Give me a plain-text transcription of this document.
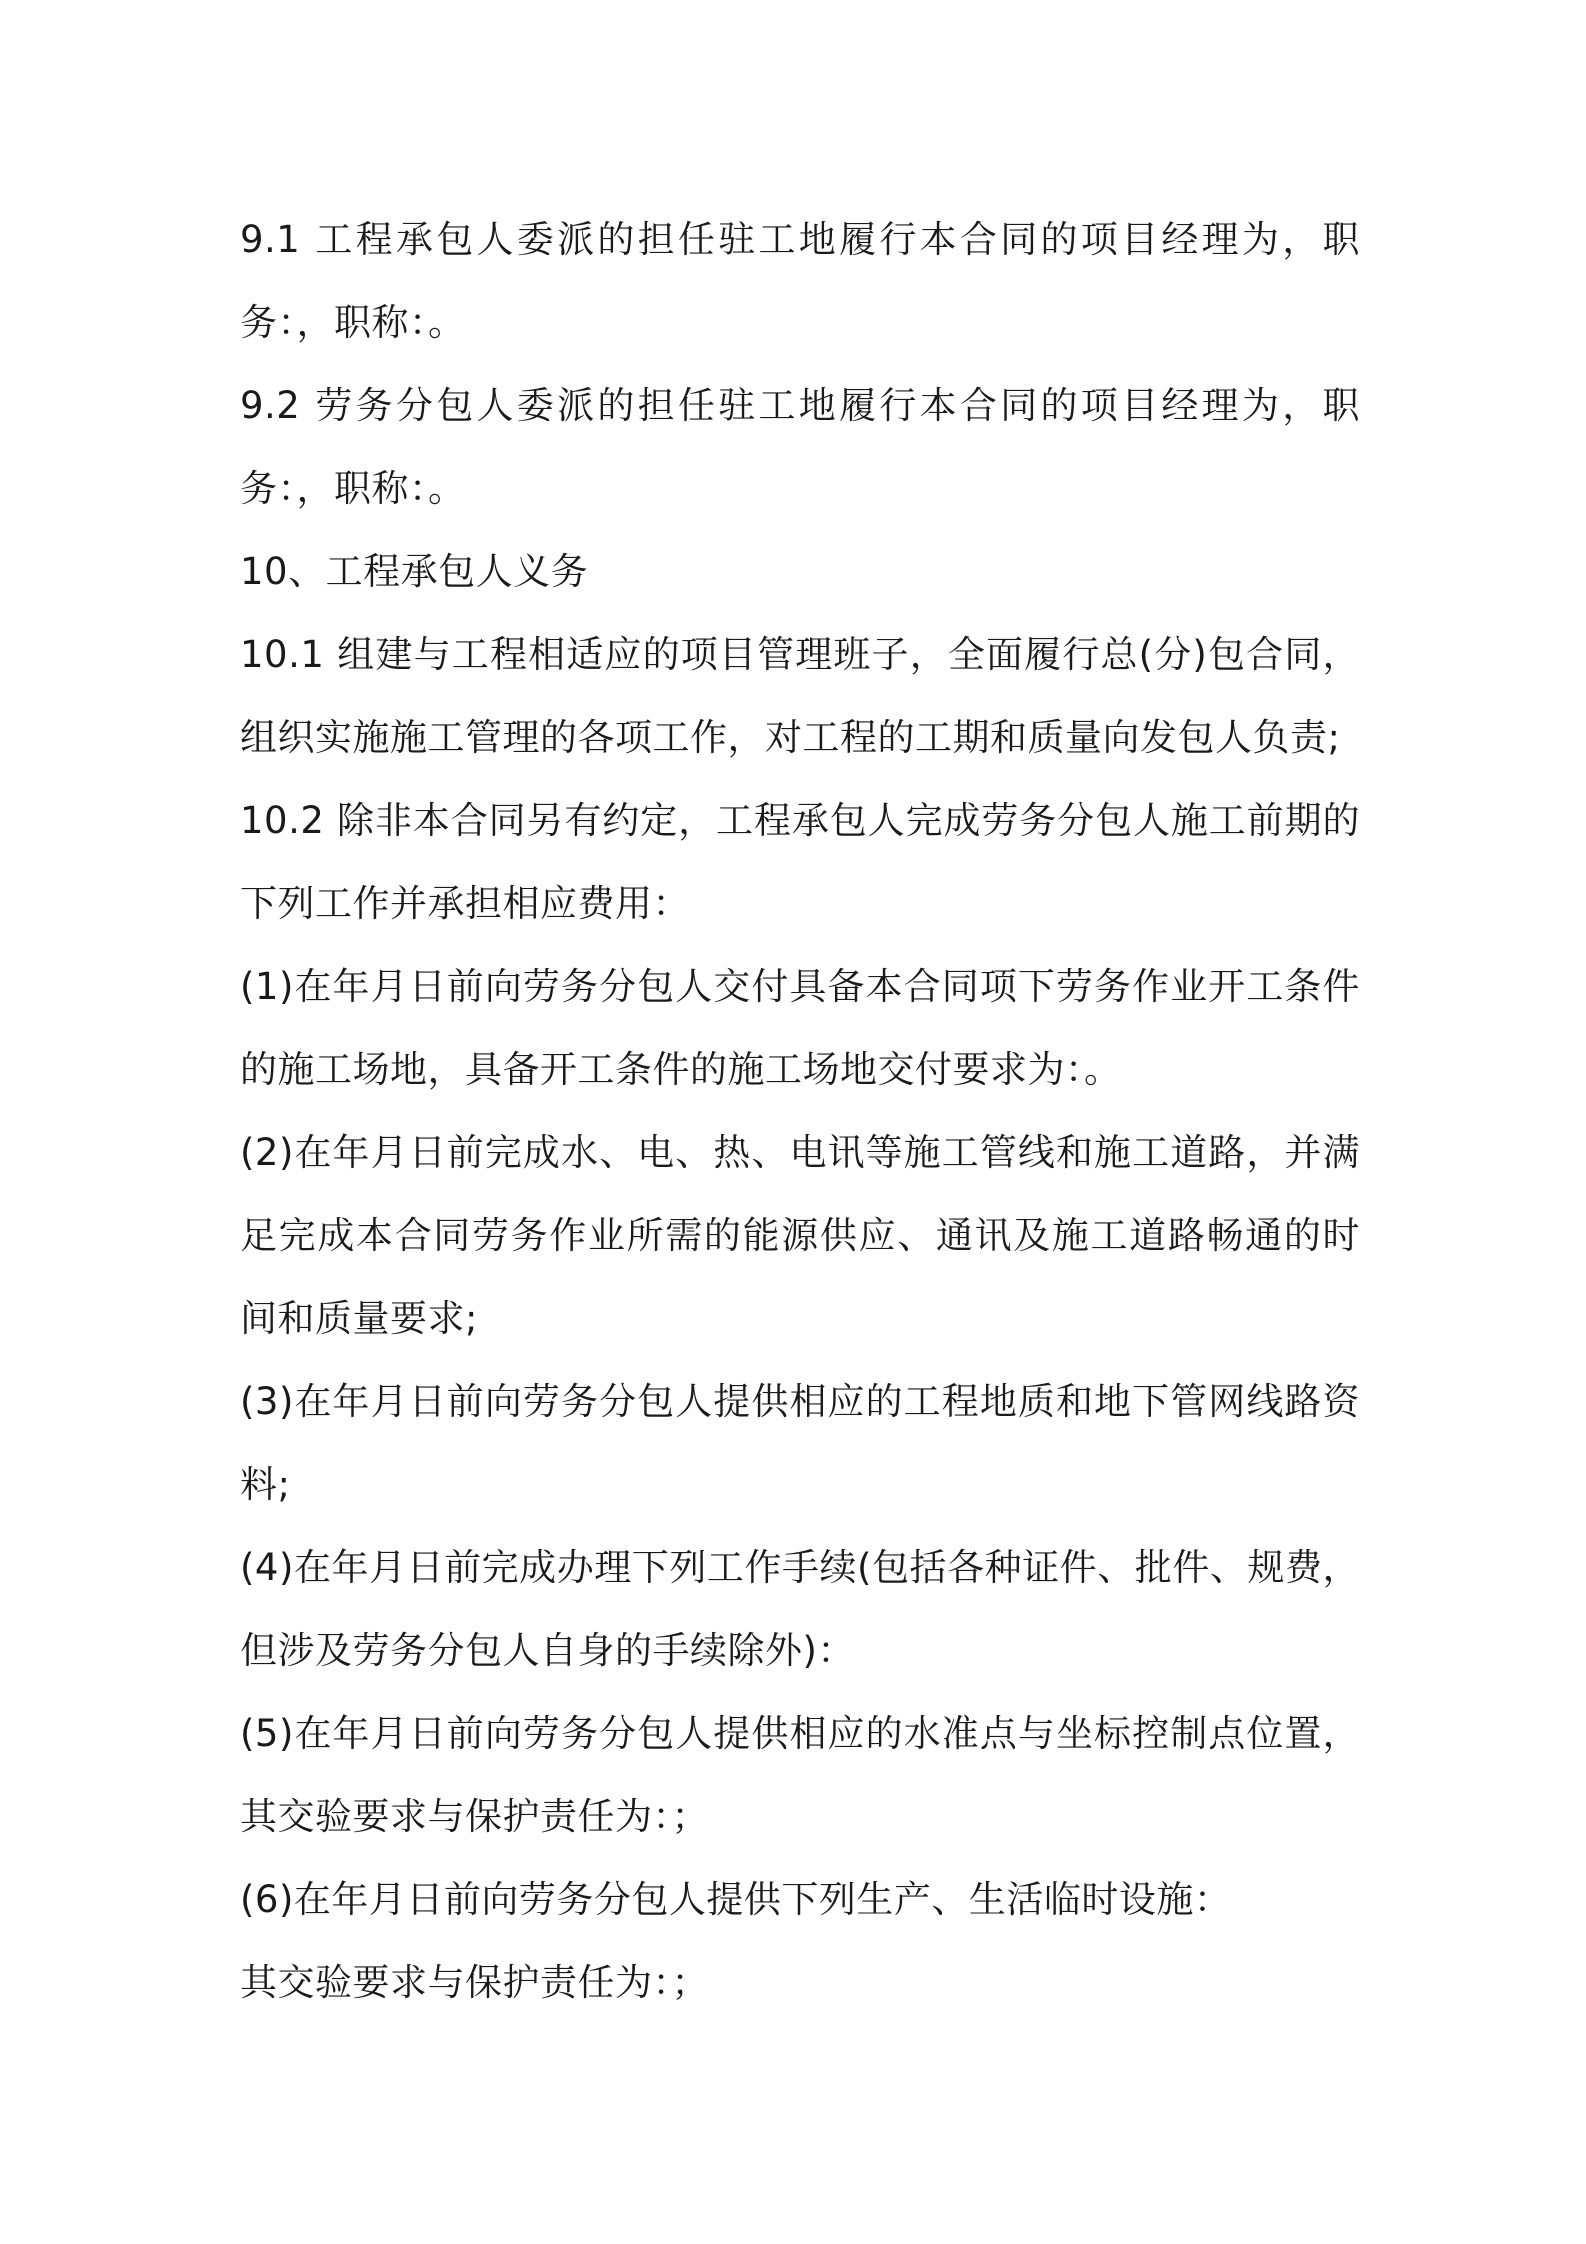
9.1 工程承包人委派的担任驻工地履行本合同的项目经理为，职务：，职称：。

9.2 劳务分包人委派的担任驻工地履行本合同的项目经理为，职务：，职称：。

10、工程承包人义务

10.1 组建与工程相适应的项目管理班子，全面履行总(分)包合同，组织实施施工管理的各项工作，对工程的工期和质量向发包人负责;

10.2 除非本合同另有约定，工程承包人完成劳务分包人施工前期的下列工作并承担相应费用：

(1)在年月日前向劳务分包人交付具备本合同项下劳务作业开工条件的施工场地，具备开工条件的施工场地交付要求为：。

(2)在年月日前完成水、电、热、电讯等施工管线和施工道路，并满足完成本合同劳务作业所需的能源供应、通讯及施工道路畅通的时间和质量要求;

(3)在年月日前向劳务分包人提供相应的工程地质和地下管网线路资料;

(4)在年月日前完成办理下列工作手续(包括各种证件、批件、规费，但涉及劳务分包人自身的手续除外)：

(5)在年月日前向劳务分包人提供相应的水准点与坐标控制点位置，其交验要求与保护责任为：；

(6)在年月日前向劳务分包人提供下列生产、生活临时设施：

其交验要求与保护责任为：；
